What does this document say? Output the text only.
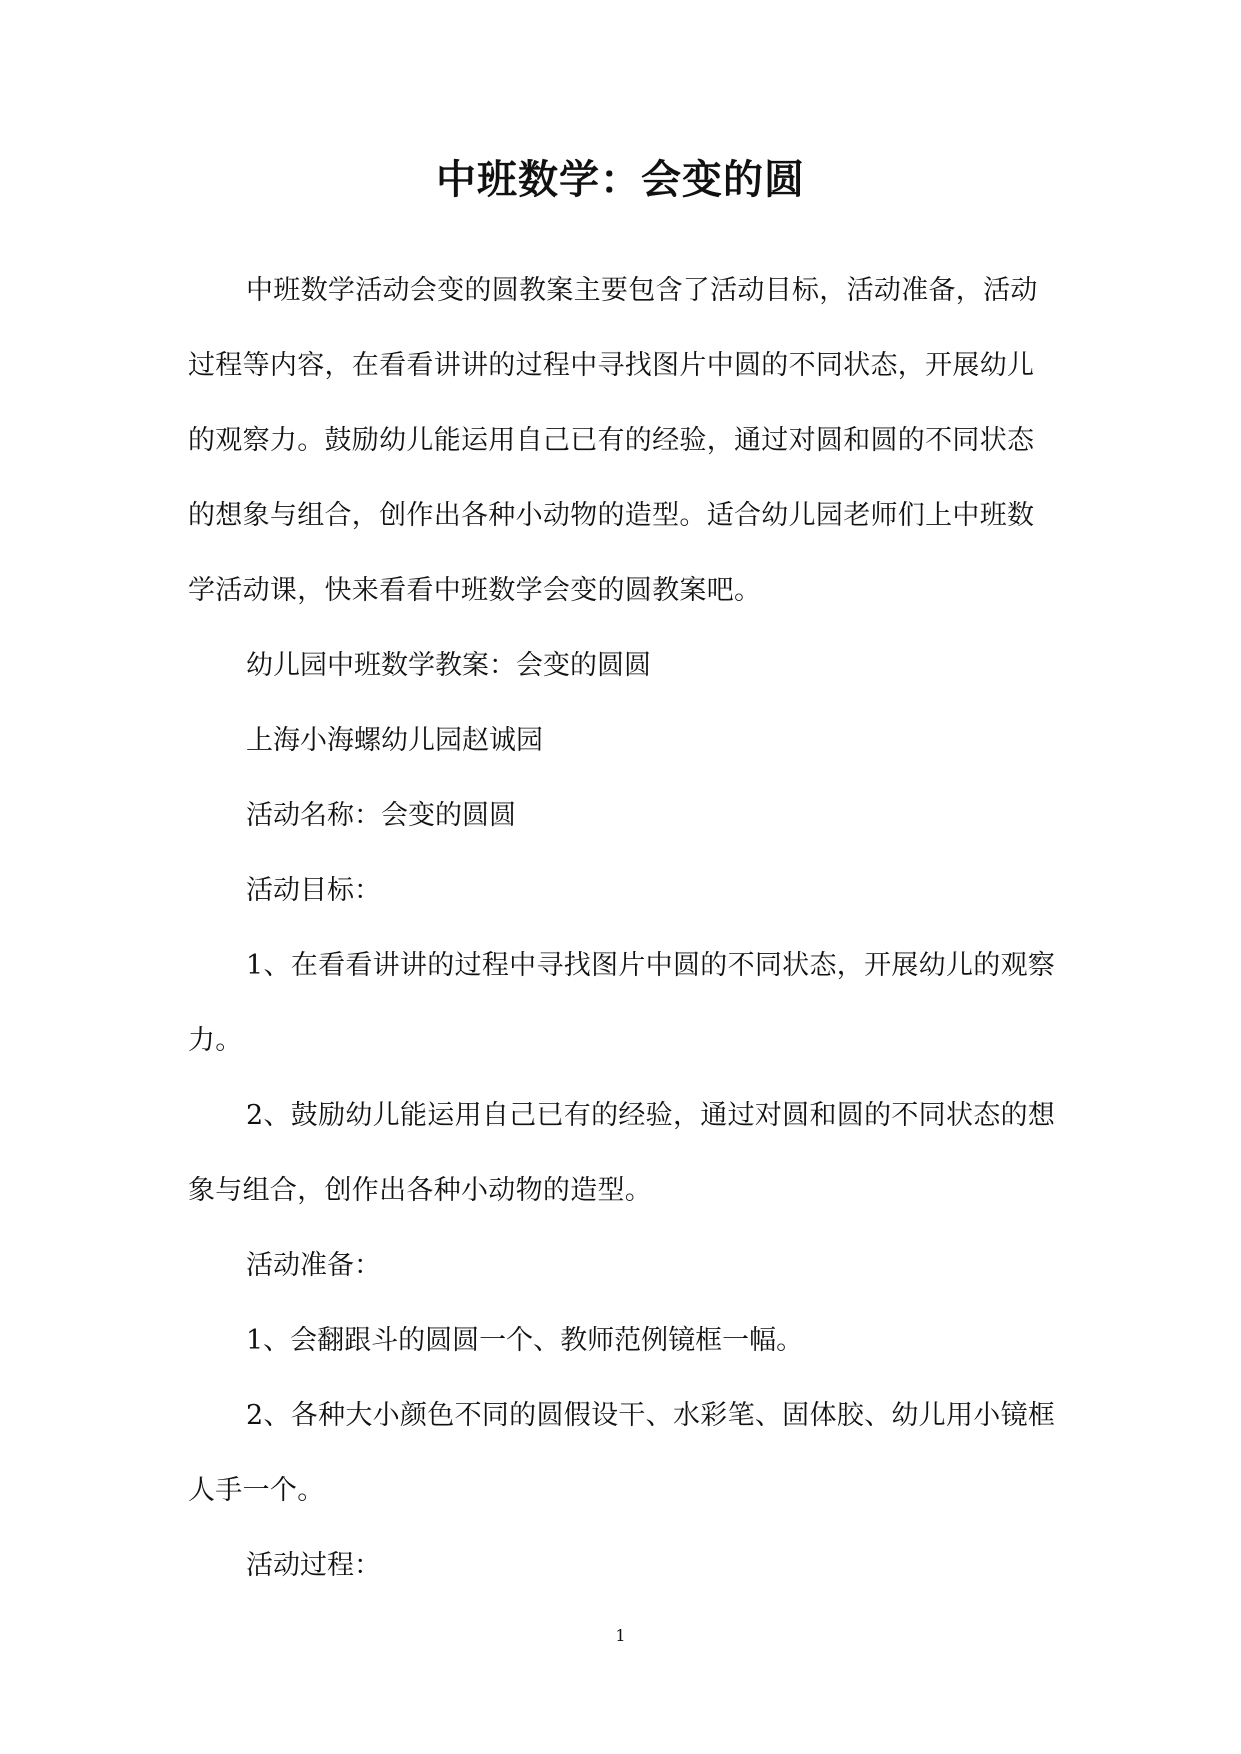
中班数学：会变的圆

中班数学活动会变的圆教案主要包含了活动目标，活动准备，活动过程等内容，在看看讲讲的过程中寻找图片中圆的不同状态，开展幼儿的观察力。鼓励幼儿能运用自己已有的经验，通过对圆和圆的不同状态的想象与组合，创作出各种小动物的造型。适合幼儿园老师们上中班数学活动课，快来看看中班数学会变的圆教案吧。

幼儿园中班数学教案：会变的圆圆

上海小海螺幼儿园赵诚园

活动名称：会变的圆圆

活动目标：

1、在看看讲讲的过程中寻找图片中圆的不同状态，开展幼儿的观察力。

2、鼓励幼儿能运用自己已有的经验，通过对圆和圆的不同状态的想象与组合，创作出各种小动物的造型。

活动准备：

1、会翻跟斗的圆圆一个、教师范例镜框一幅。

2、各种大小颜色不同的圆假设干、水彩笔、固体胶、幼儿用小镜框人手一个。

活动过程：

1
